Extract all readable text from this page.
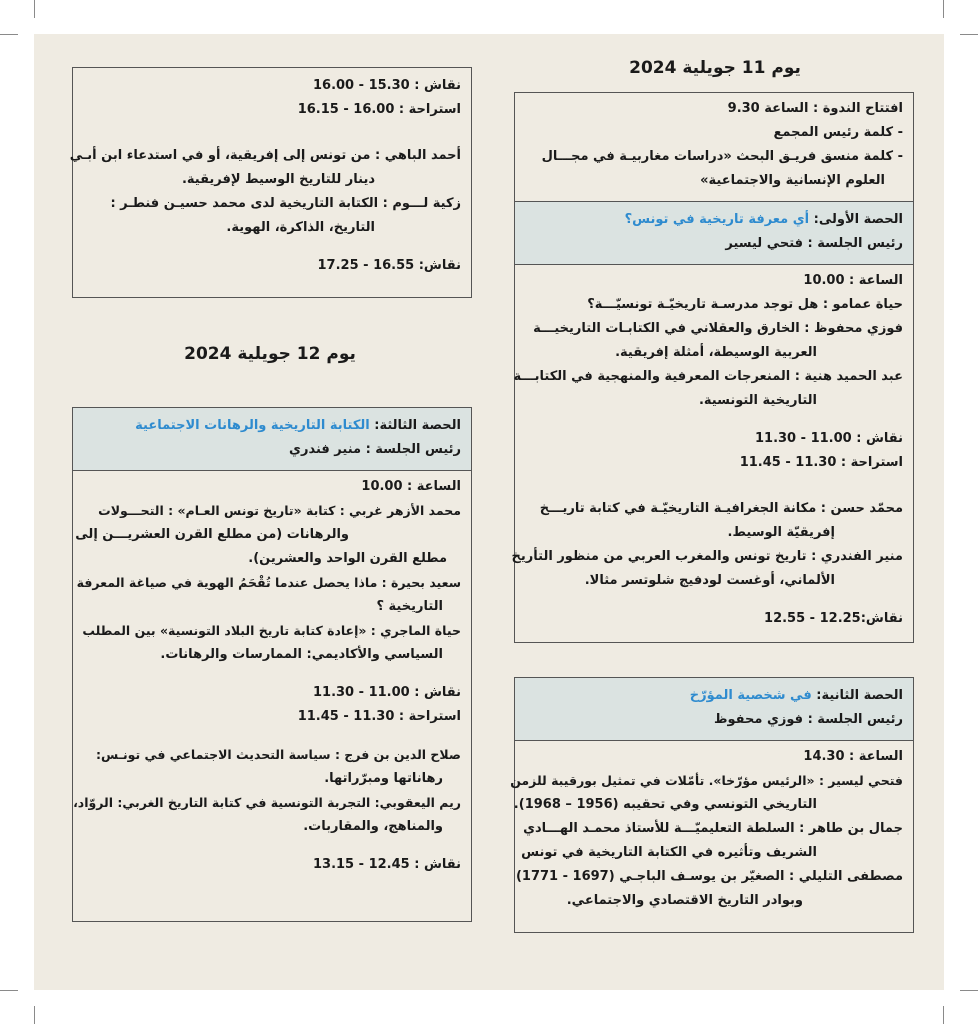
يوم 11 جويلية 2024
افتتاح الندوة : الساعة 9.30
- كلمة رئيس المجمع
- كلمة منسق فريـق البحث «دراسات مغاربيـة في مجـــال
العلوم الإنسانية والاجتماعية»
الحصة الأولى: أي معرفة تاريخية في تونس؟
رئيس الجلسة : فتحي ليسير
الساعة : 10.00
حياة عمامو : هل توجد مدرسـة تاريخيّـة تونسيّـــة؟
فوزي محفوظ : الخارق والعقلاني في الكتابـات التاريخيـــة
العربية الوسيطة، أمثلة إفريقية.
عبد الحميد هنية : المنعرجات المعرفية والمنهجية في الكتابـــة
التاريخية التونسية.
نقاش : 11.00 - 11.30
استراحة : 11.30 - 11.45
محمّد حسن : مكانة الجغرافيـة التاريخيّـة في كتابة تاريـــخ
إفريقيّة الوسيط.
منير الفندري : تاريخ تونس والمغرب العربي من منظور التأريخ
الألماني، أوغست لودفيج شلوتسر مثالا.
نقاش:12.25 - 12.55
الحصة الثانية: في شخصية المؤرّخ
رئيس الجلسة : فوزي محفوظ
الساعة : 14.30
فتحي ليسير : «الرئيس مؤرّخا». تأمّلات في تمثيل بورقيبة للزمن
التاريخي التونسي وفي تحقيبه (1956 – 1968).
جمال بن طاهر : السلطة التعليميّـــة للأستاذ محمـد الهـــادي
الشريف وتأثيره في الكتابة التاريخية في تونس
مصطفى التليلي : الصغيّر بن يوسـف الباجـي (1697 - 1771)
وبوادر التاريخ الاقتصادي والاجتماعي.
نقاش : 15.30 - 16.00
استراحة : 16.00 - 16.15
أحمد الباهي : من تونس إلى إفريقية، أو في استدعاء ابن أبـي
دينار للتاريخ الوسيط لإفريقية.
زكية لـــوم : الكتابة التاريخية لدى محمد حسيـن فنطـر :
التاريخ، الذاكرة، الهوية.
نقاش: 16.55 - 17.25
يوم 12 جويلية 2024
الحصة الثالثة: الكتابة التاريخية والرهانات الاجتماعية
رئيس الجلسة : منير فندري
الساعة : 10.00
محمد الأزهر غربي : كتابة «تاريخ تونس العـام» : التحـــولات
والرهانات (من مطلع القرن العشريـــن إلى
مطلع القرن الواحد والعشرين).
سعيد بحيرة : ماذا يحصل عندما تُقْحَمُ الهوية في صياغة المعرفة
التاريخية ؟
حياة الماجري : «إعادة كتابة تاريخ البلاد التونسية» بين المطلب
السياسي والأكاديمي: الممارسات والرهانات.
نقاش : 11.00 - 11.30
استراحة : 11.30 - 11.45
صلاح الدين بن فرج : سياسة التحديث الاجتماعي في تونـس:
رهاناتها ومبرّراتها.
ريم اليعقوبي: التجربة التونسية في كتابة التاريخ الغربي: الروّاد،
والمناهج، والمقاربات.
نقاش : 12.45 - 13.15
